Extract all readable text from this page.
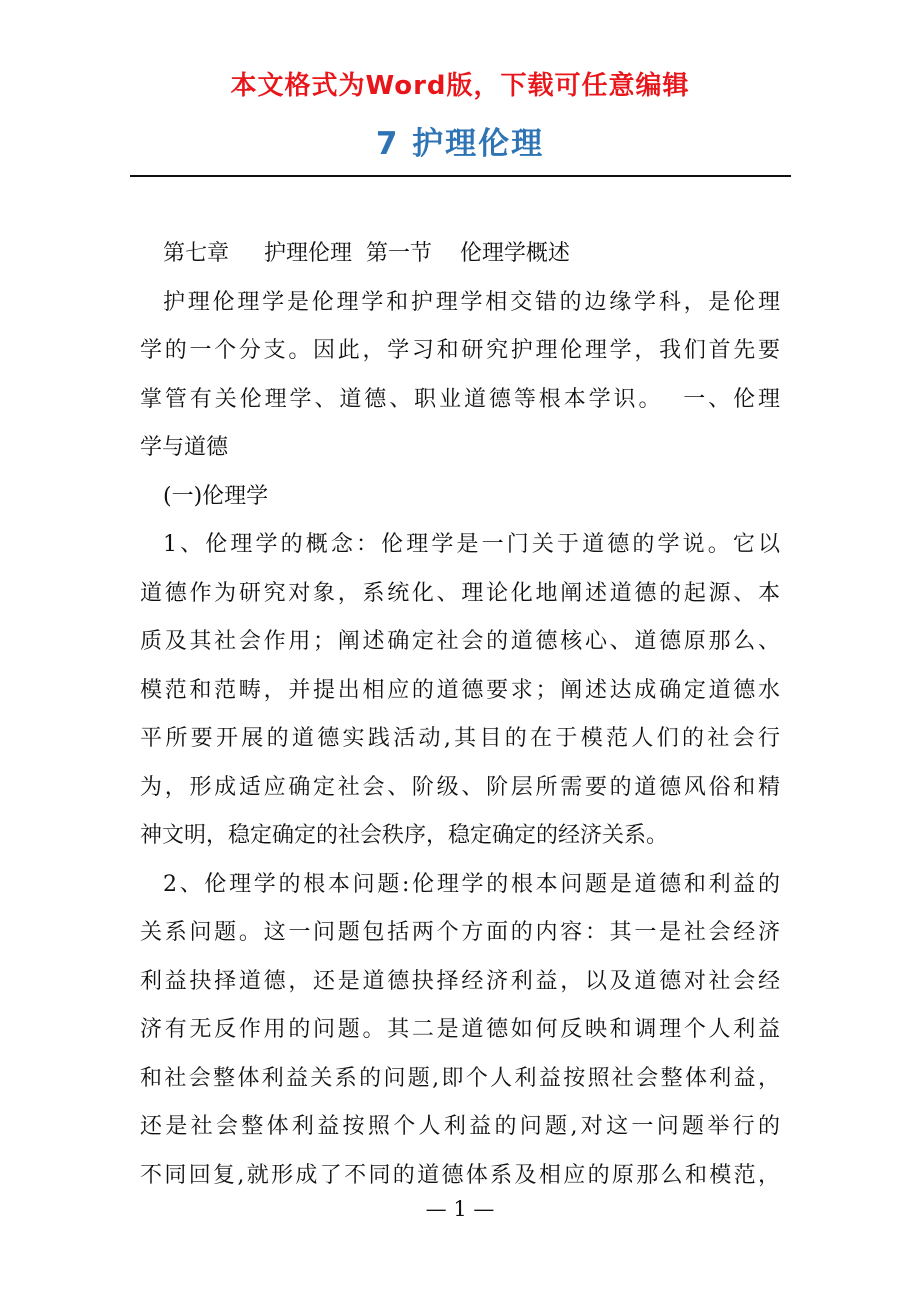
本文格式为Word版，下载可任意编辑
7 护理伦理
第七章     护理伦理  第一节    伦理学概述
护理伦理学是伦理学和护理学相交错的边缘学科，是伦理
学的一个分支。因此，学习和研究护理伦理学，我们首先要
掌管有关伦理学、道德、职业道德等根本学识。  一、伦理
学与道德
(一)伦理学
1、伦理学的概念：伦理学是一门关于道德的学说。它以
道德作为研究对象，系统化、理论化地阐述道德的起源、本
质及其社会作用；阐述确定社会的道德核心、道德原那么、
模范和范畴，并提出相应的道德要求；阐述达成确定道德水
平所要开展的道德实践活动,其目的在于模范人们的社会行
为，形成适应确定社会、阶级、阶层所需要的道德风俗和精
神文明，稳定确定的社会秩序，稳定确定的经济关系。
2、伦理学的根本问题:伦理学的根本问题是道德和利益的
关系问题。这一问题包括两个方面的内容：其一是社会经济
利益抉择道德，还是道德抉择经济利益，以及道德对社会经
济有无反作用的问题。其二是道德如何反映和调理个人利益
和社会整体利益关系的问题,即个人利益按照社会整体利益，
还是社会整体利益按照个人利益的问题,对这一问题举行的
不同回复,就形成了不同的道德体系及相应的原那么和模范，
— 1 —
